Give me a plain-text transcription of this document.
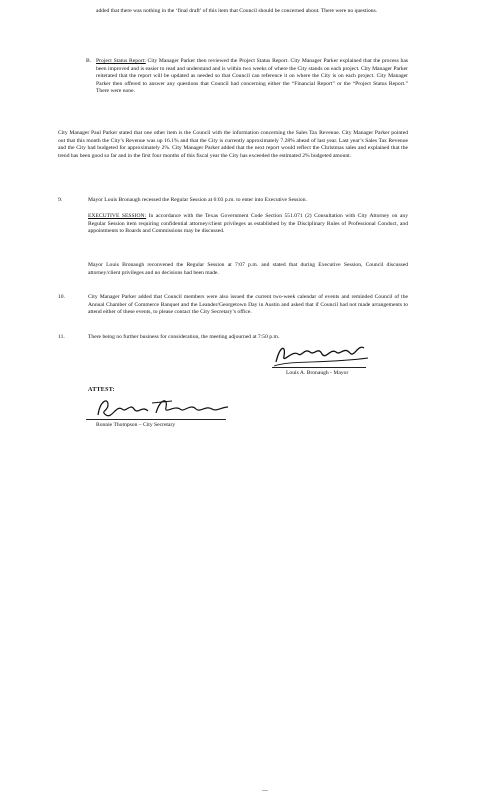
added that there was nothing in the ‘final draft’ of this item that Council should be concerned about. There were no questions.
B. Project Status Report: City Manager Parker then reviewed the Project Status Report. City Manager Parker explained that the process has been improved and is easier to read and understand and is within two weeks of where the City stands on each project. City Manager Parker reiterated that the report will be updated as needed so that Council can reference it on where the City is on each project. City Manager Parker then offered to answer any questions that Council had concerning either the “Financial Report” or the “Project Status Report.” There were none.
City Manager Paul Parker stated that one other item is the Council with the information concerning the Sales Tax Revenue. City Manager Parker pointed out that this month the City’s Revenue was up 16.1% and that the City is currently approximately 7.28% ahead of last year. Last year’s Sales Tax Revenue and the City had budgeted for approximately 2%. City Manager Parker added that the next report would reflect the Christmas sales and explained that the trend has been good so far and in the first four months of this fiscal year the City has exceeded the estimated 2% budgeted amount.
9.	Mayor Louis Bronaugh recessed the Regular Session at 6:03 p.m. to enter into Executive Session.
EXECUTIVE SESSION: In accordance with the Texas Government Code Section 551.071 (2) Consultation with City Attorney on any Regular Session item requiring confidential attorney/client privileges as established by the Disciplinary Rules of Professional Conduct, and appointments to Boards and Commissions may be discussed.
Mayor Louis Bronaugh reconvened the Regular Session at 7:07 p.m. and stated that during Executive Session, Council discussed attorney/client privileges and no decisions had been made.
10.	City Manager Parker added that Council members were also issued the current two-week calendar of events and reminded Council of the Annual Chamber of Commerce Banquet and the Leander/Georgetown Day in Austin and asked that if Council had not made arrangements to attend either of these events, to please contact the City Secretary’s office.
11.	There being no further business for consideration, the meeting adjourned at 7:50 p.m.
Louis A. Bronaugh - Mayor
ATTEST:
Ronnie Thompson – City Secretary
—
